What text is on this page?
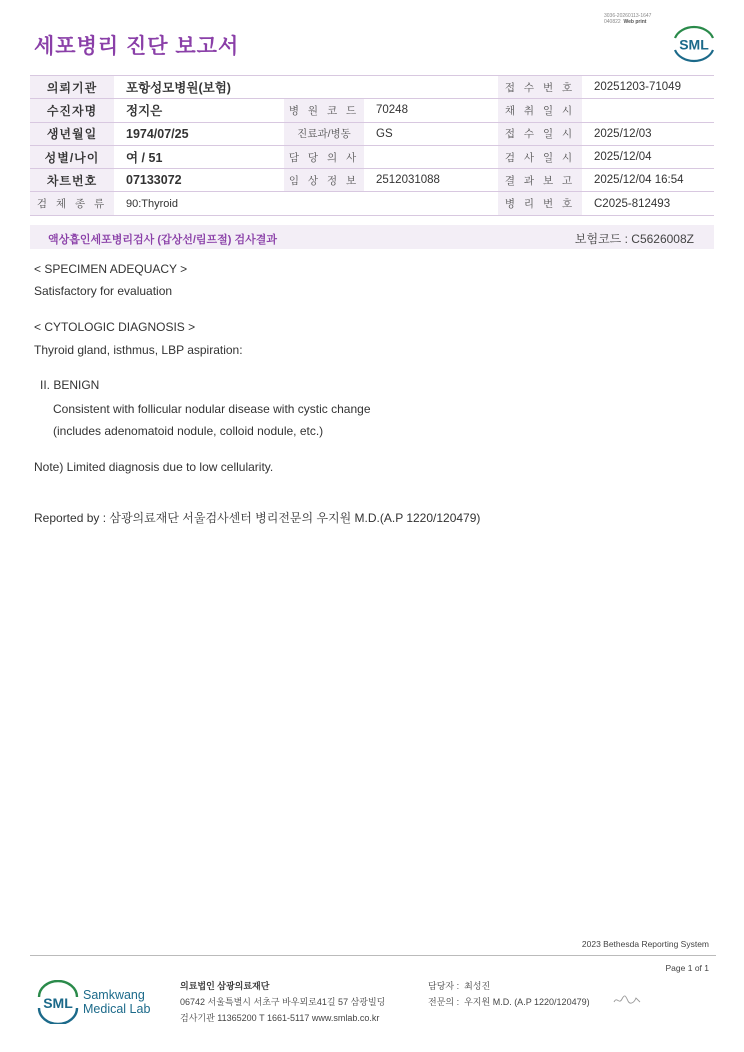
3036-20260113-1647
040822 Web print
세포병리 진단 보고서	SML
의뢰기관	포항성모병원(보험)			접 수 번 호	20251203-71049
수진자명	정지은	병 원 코 드	70248	채 취 일 시	
생년월일	1974/07/25	진료과/병동	GS	접 수 일 시	2025/12/03
성별/나이	여 / 51	담 당 의 사		검 사 일 시	2025/12/04
차트번호	07133072	임 상 정 보	2512031088	결 과 보 고	2025/12/04 16:54
검 체 종 류	90:Thyroid			병 리 번 호	C2025-812493
액상흡인세포병리검사 (갑상선/림프절) 검사결과	보험코드 : C5626008Z
< SPECIMEN ADEQUACY >
Satisfactory for evaluation
< CYTOLOGIC DIAGNOSIS >
Thyroid gland, isthmus, LBP aspiration:
II. BENIGN
Consistent with follicular nodular disease with cystic change
(includes adenomatoid nodule, colloid nodule, etc.)
Note) Limited diagnosis due to low cellularity.
Reported by : 삼광의료재단 서울검사센터 병리전문의 우지원 M.D.(A.P 1220/120479)
2023 Bethesda Reporting System
Page 1 of 1
SML Samkwang
Medical Lab
의료법인 삼광의료재단
06742 서울특별시 서초구 바우뫼로41길 57 삼광빌딩
검사기관 11365200 T 1661-5117 www.smlab.co.kr
담당자 : 최성진
전문의 : 우지원 M.D. (A.P 1220/120479)
